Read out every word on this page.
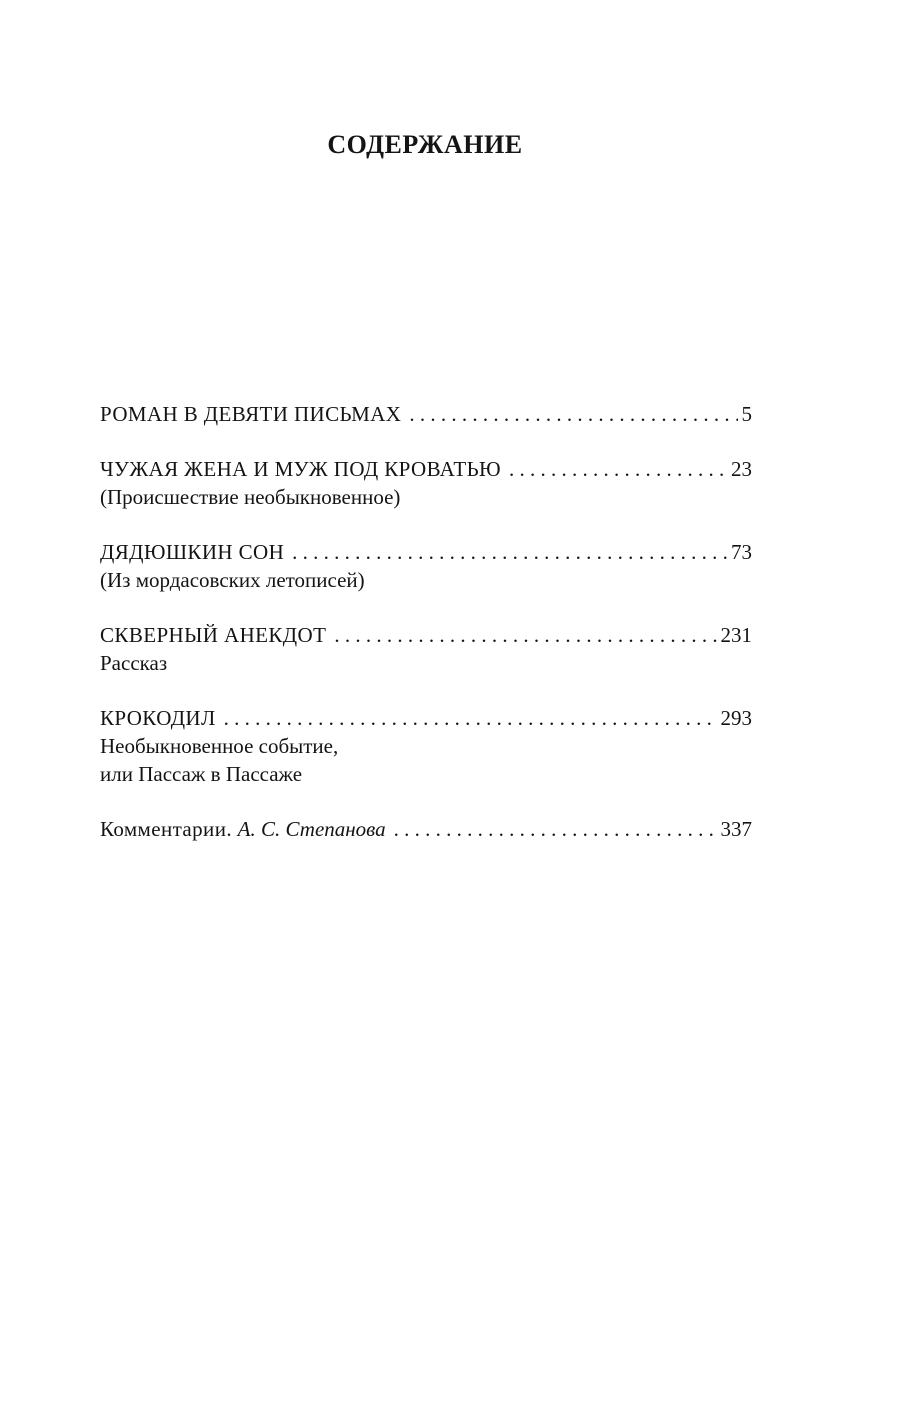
СОДЕРЖАНИЕ
РОМАН В ДЕВЯТИ ПИСЬМАХ . . .	5
ЧУЖАЯ ЖЕНА И МУЖ ПОД КРОВАТЬЮ . . .	23
(Происшествие необыкновенное)
ДЯДЮШКИН СОН . . .	73
(Из мордасовских летописей)
СКВЕРНЫЙ АНЕКДОТ . . .	231
Рассказ
КРОКОДИЛ . . .	293
Необыкновенное событие,
или Пассаж в Пассаже
Комментарии. А. С. Степанова . . .	337
